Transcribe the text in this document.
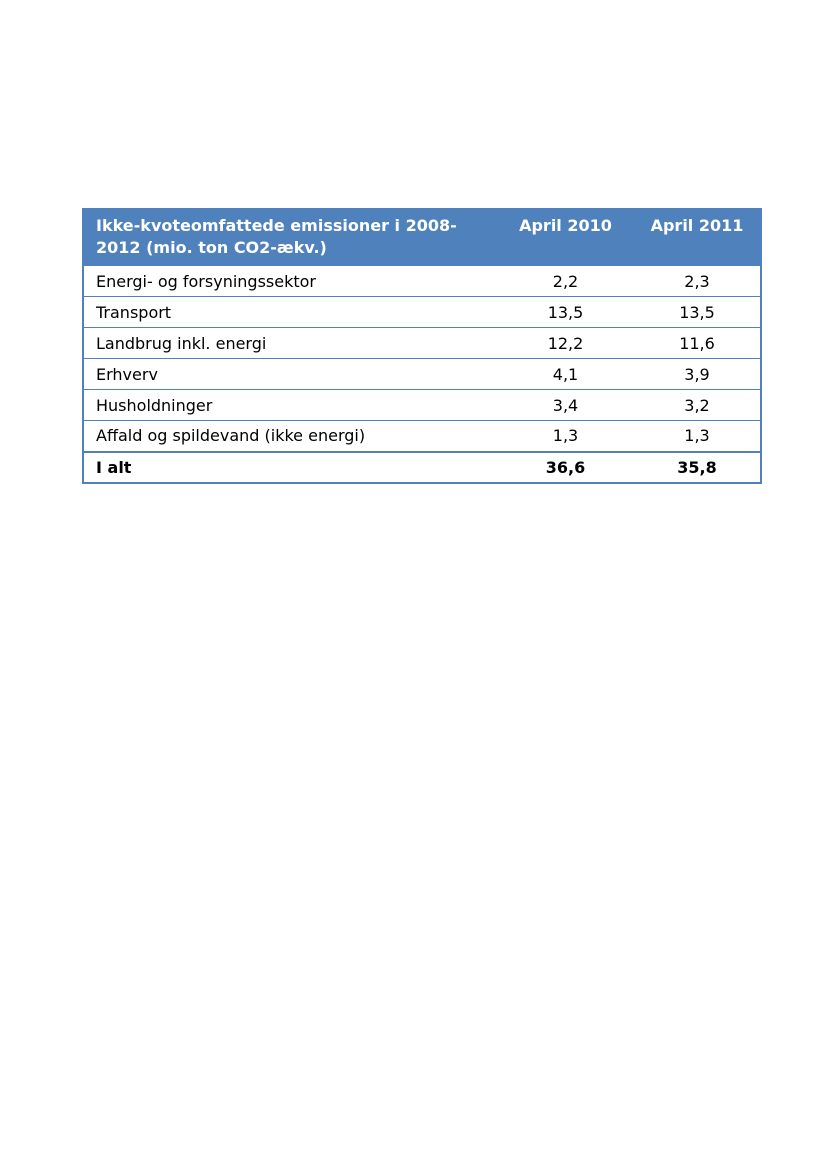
Ikke-kvoteomfattede emissioner i 2008-2012 (mio. ton CO2-ækv.)	April 2010	April 2011
Energi- og forsyningssektor	2,2	2,3
Transport	13,5	13,5
Landbrug inkl. energi	12,2	11,6
Erhverv	4,1	3,9
Husholdninger	3,4	3,2
Affald og spildevand (ikke energi)	1,3	1,3
I alt	36,6	35,8
